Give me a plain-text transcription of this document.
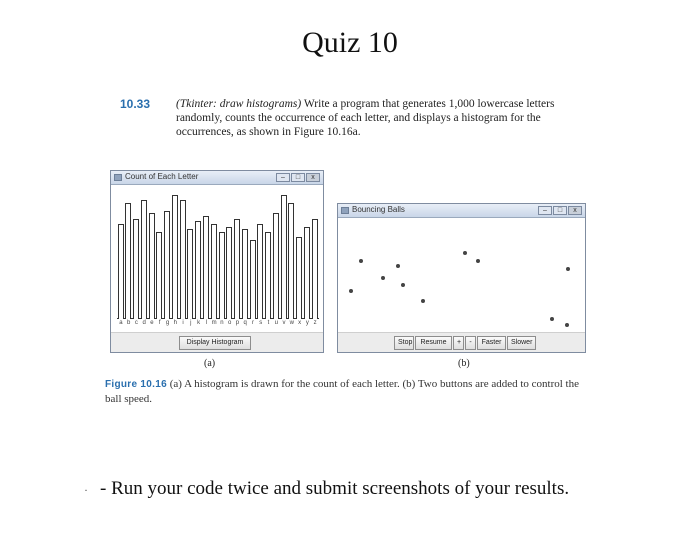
Quiz 10
10.33 (Tkinter: draw histograms) Write a program that generates 1,000 lowercase letters randomly, counts the occurrence of each letter, and displays a histogram for the occurrences, as shown in Figure 10.16a.
Count of Each Letter	–	□	x
a b c d e f g h i	j k l m n o p q r s t u v w x y z
Display Histogram
Bouncing Balls	–	□	x
Stop	Resume	+	-	Faster	Slower
(a)	(b)
Figure 10.16 (a) A histogram is drawn for the count of each letter. (b) Two buttons are added to control the ball speed.
· - Run your code twice and submit screenshots of your results.
